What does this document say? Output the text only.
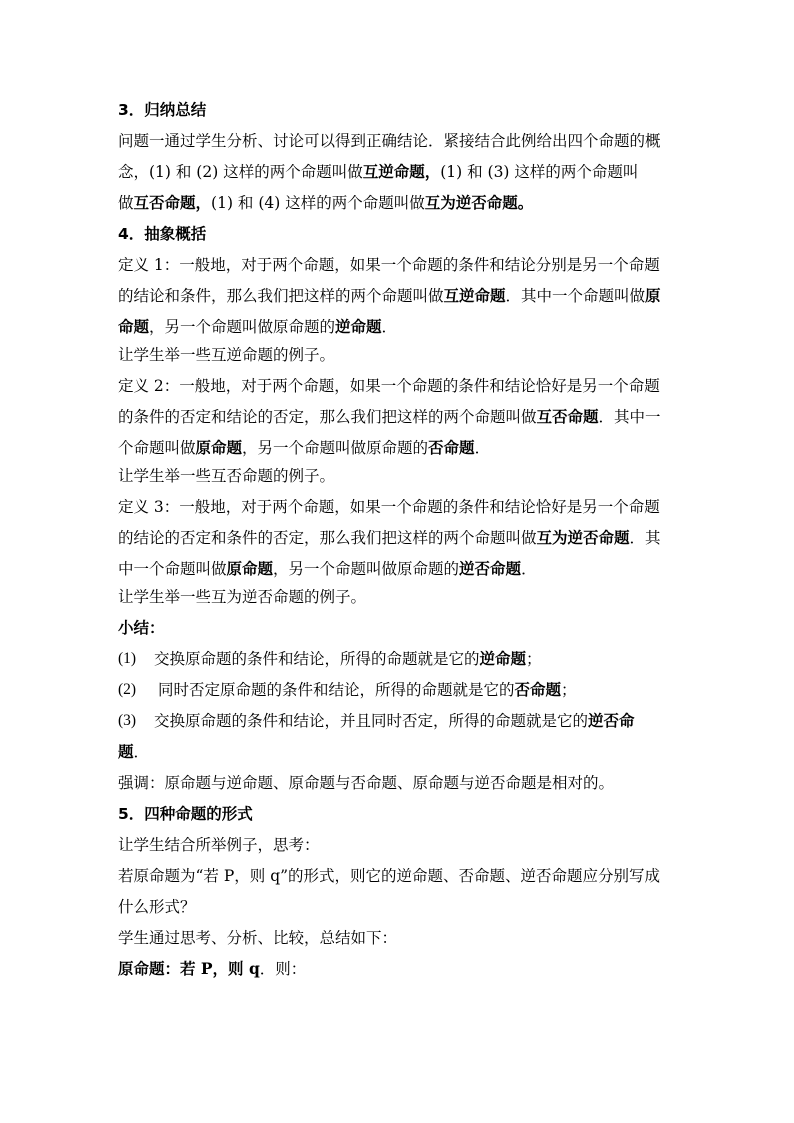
3．归纳总结
问题一通过学生分析、讨论可以得到正确结论．紧接结合此例给出四个命题的概
念，(1) 和 (2) 这样的两个命题叫做 互逆命题， (1) 和 (3) 这样的两个命题叫
做 互否命题， (1) 和 (4) 这样的两个命题叫做 互为逆否命题。
4．抽象概括
定义 1：一般地，对于两个命题，如果一个命题的条件和结论分别是另一个命题
的结论和条件，那么我们把这样的两个命题叫做 互逆命题 ．其中一个命题叫做 原
命题 ，另一个命题叫做原命题的 逆命题 ．
让学生举一些互逆命题的例子。
定义 2：一般地，对于两个命题，如果一个命题的条件和结论恰好是另一个命题
的条件的否定和结论的否定，那么我们把这样的两个命题叫做 互否命题 ．其中一
个命题叫做 原命题 ，另一个命题叫做原命题的 否命题 ．
让学生举一些互否命题的例子。
定义 3：一般地，对于两个命题，如果一个命题的条件和结论恰好是另一个命题
的结论的否定和条件的否定，那么我们把这样的两个命题叫做 互为逆否命题 ．其
中一个命题叫做 原命题 ，另一个命题叫做原命题的 逆否命题 ．
让学生举一些互为逆否命题的例子。
小结：
(1)	交换原命题的条件和结论，所得的命题就是它的 逆命题 ；
(2)	同时否定原命题的条件和结论，所得的命题就是它的 否命题 ；
(3)	交换原命题的条件和结论，并且同时否定，所得的命题就是它的 逆否命
题 ．
强调：原命题与逆命题、原命题与否命题、原命题与逆否命题是相对的。
5．四种命题的形式
让学生结合所举例子，思考：
若原命题为“若 P，则 q”的形式，则它的逆命题、否命题、逆否命题应分别写成
什么形式？
学生通过思考、分析、比较，总结如下：
原命题：若 P，则 q ．则：
